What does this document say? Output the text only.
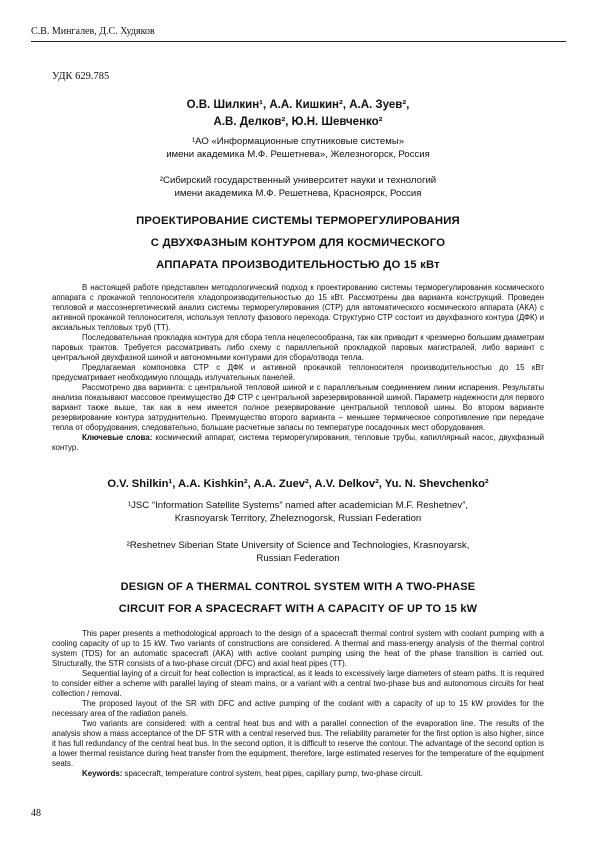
С.В. Мингалев, Д.С. Худяков
УДК 629.785
О.В. Шилкин¹, А.А. Кишкин², А.А. Зуев²,
А.В. Делков², Ю.Н. Шевченко²
¹АО «Информационные спутниковые системы»
имени академика М.Ф. Решетнева», Железногорск, Россия
²Сибирский государственный университет науки и технологий
имени академика М.Ф. Решетнева, Красноярск, Россия
ПРОЕКТИРОВАНИЕ СИСТЕМЫ ТЕРМОРЕГУЛИРОВАНИЯ
С ДВУХФАЗНЫМ КОНТУРОМ ДЛЯ КОСМИЧЕСКОГО
АППАРАТА ПРОИЗВОДИТЕЛЬНОСТЬЮ ДО 15 кВт

В настоящей работе представлен методологический подход к проектированию системы терморегулирования космического аппарата с прокачкой теплоносителя хладопроизводительностью до 15 кВт. Рассмотрены два варианта конструкций. Проведен тепловой и массоэнергетический анализ системы терморегулирования (СТР) для автоматического космического аппарата (АКА) с активной прокачкой теплоносителя, используя теплоту фазового перехода. Структурно СТР состоит из двухфазного контура (ДФК) и аксиальных тепловых труб (ТТ).

Последовательная прокладка контура для сбора тепла нецелесообразна, так как приводит к чрезмерно большим диаметрам паровых трактов. Требуется рассматривать либо схему с параллельной прокладкой паровых магистралей, либо вариант с центральной двухфазной шиной и автономными контурами для сбора/отвода тепла.

Предлагаемая компоновка СТР с ДФК и активной прокачкой теплоносителя производительностью до 15 кВт предусматривает необходимую площадь излучательных панелей.

Рассмотрено два варианта: с центральной тепловой шиной и с параллельным соединением линии испарения. Результаты анализа показывают массовое преимущество ДФ СТР с центральной зарезервированной шиной. Параметр надежности для первого вариант также выше, так как в нем имеется полное резервирование центральной тепловой шины. Во втором варианте резервирование контура затруднительно. Преимущество второго варианта – меньшее термическое сопротивление при передаче тепла от оборудования, следовательно, большие расчетные запасы по температуре посадочных мест оборудования.

Ключевые слова: космический аппарат, система терморегулирования, тепловые трубы, капиллярный насос, двухфазный контур.

O.V. Shilkin¹, A.A. Kishkin², A.A. Zuev², A.V. Delkov², Yu. N. Shevchenko²
¹JSC “Information Satellite Systems” named after academician M.F. Reshetnev”,
Krasnoyarsk Territory, Zheleznogorsk, Russian Federation
²Reshetnev Siberian State University of Science and Technologies, Krasnoyarsk,
Russian Federation
DESIGN OF A THERMAL CONTROL SYSTEM WITH A TWO-PHASE
CIRCUIT FOR A SPACECRAFT WITH A CAPACITY OF UP TO 15 kW

This paper presents a methodological approach to the design of a spacecraft thermal control system with coolant pumping with a cooling capacity of up to 15 kW. Two variants of constructions are considered. A thermal and mass-energy analysis of the thermal control system (TDS) for an automatic spacecraft (AKA) with active coolant pumping using the heat of the phase transition is carried out. Structurally, the STR consists of a two-phase circuit (DFC) and axial heat pipes (TT).

Sequential laying of a circuit for heat collection is impractical, as it leads to excessively large diameters of steam paths. It is required to consider either a scheme with parallel laying of steam mains, or a variant with a central two-phase bus and autonomous circuits for heat collection / removal.

The proposed layout of the SR with DFC and active pumping of the coolant with a capacity of up to 15 kW provides for the necessary area of the radiation panels.

Two variants are considered: with a central heat bus and with a parallel connection of the evaporation line. The results of the analysis show a mass acceptance of the DF STR with a central reserved bus. The reliability parameter for the first option is also higher, since it has full redundancy of the central heat bus. In the second option, it is difficult to reserve the contour. The advantage of the second option is a lower thermal resistance during heat transfer from the equipment, therefore, large estimated reserves for the temperature of the equipment seats.

Keywords: spacecraft, temperature control system, heat pipes, capillary pump, two-phase circuit.

48
